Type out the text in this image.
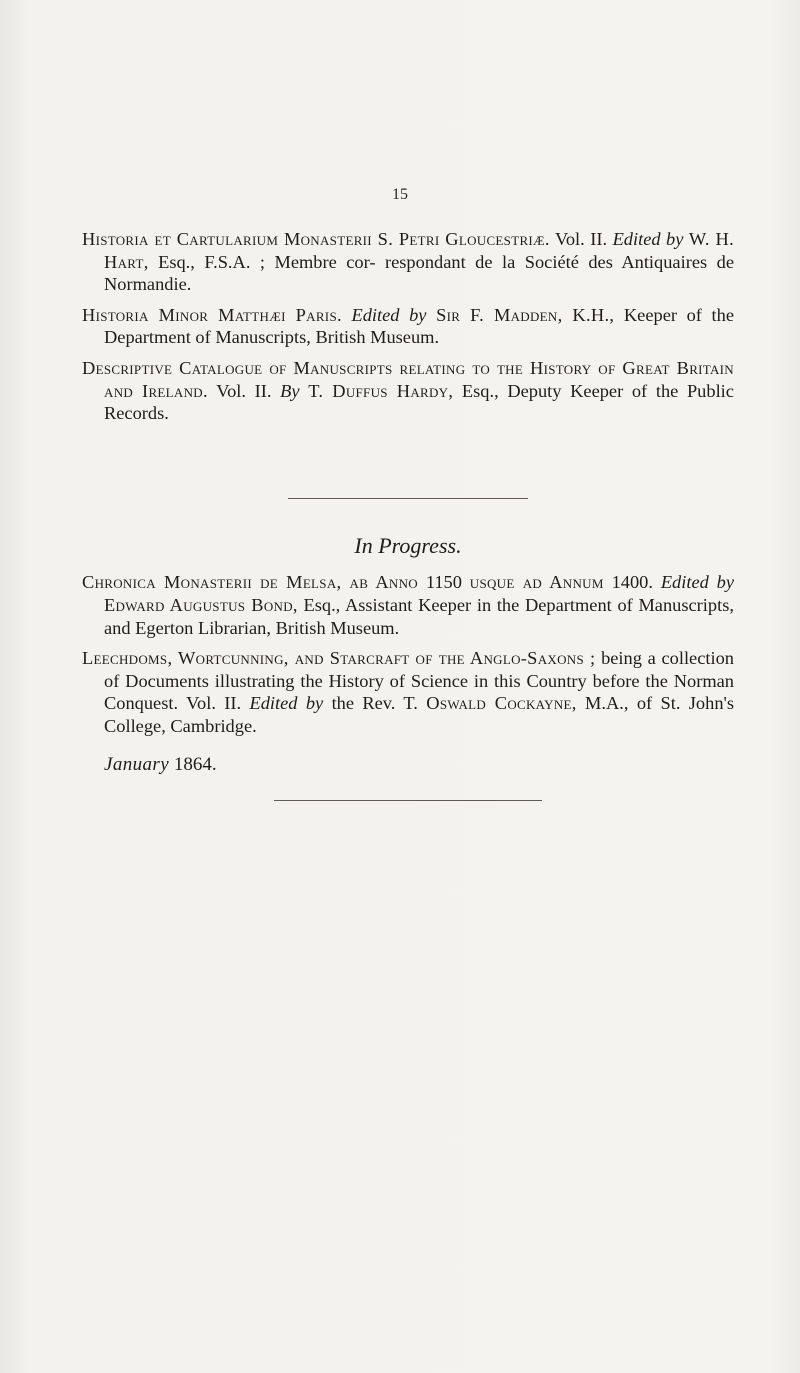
15

Historia et Cartularium Monasterii S. Petri Gloucestriæ. Vol. II. Edited by W. H. Hart, Esq., F.S.A. ; Membre cor- respondant de la Société des Antiquaires de Normandie.

Historia Minor Matthæi Paris. Edited by Sir F. Madden, K.H., Keeper of the Department of Manuscripts, British Museum.

Descriptive Catalogue of Manuscripts relating to the History of Great Britain and Ireland. Vol. II. By T. Duffus Hardy, Esq., Deputy Keeper of the Public Records.

In Progress.

Chronica Monasterii de Melsa, ab Anno 1150 usque ad Annum 1400. Edited by Edward Augustus Bond, Esq., Assistant Keeper in the Department of Manuscripts, and Egerton Librarian, British Museum.

Leechdoms, Wortcunning, and Starcraft of the Anglo-Saxons ; being a collection of Documents illustrating the History of Science in this Country before the Norman Conquest. Vol. II. Edited by the Rev. T. Oswald Cockayne, M.A., of St. John's College, Cambridge.

January 1864.
